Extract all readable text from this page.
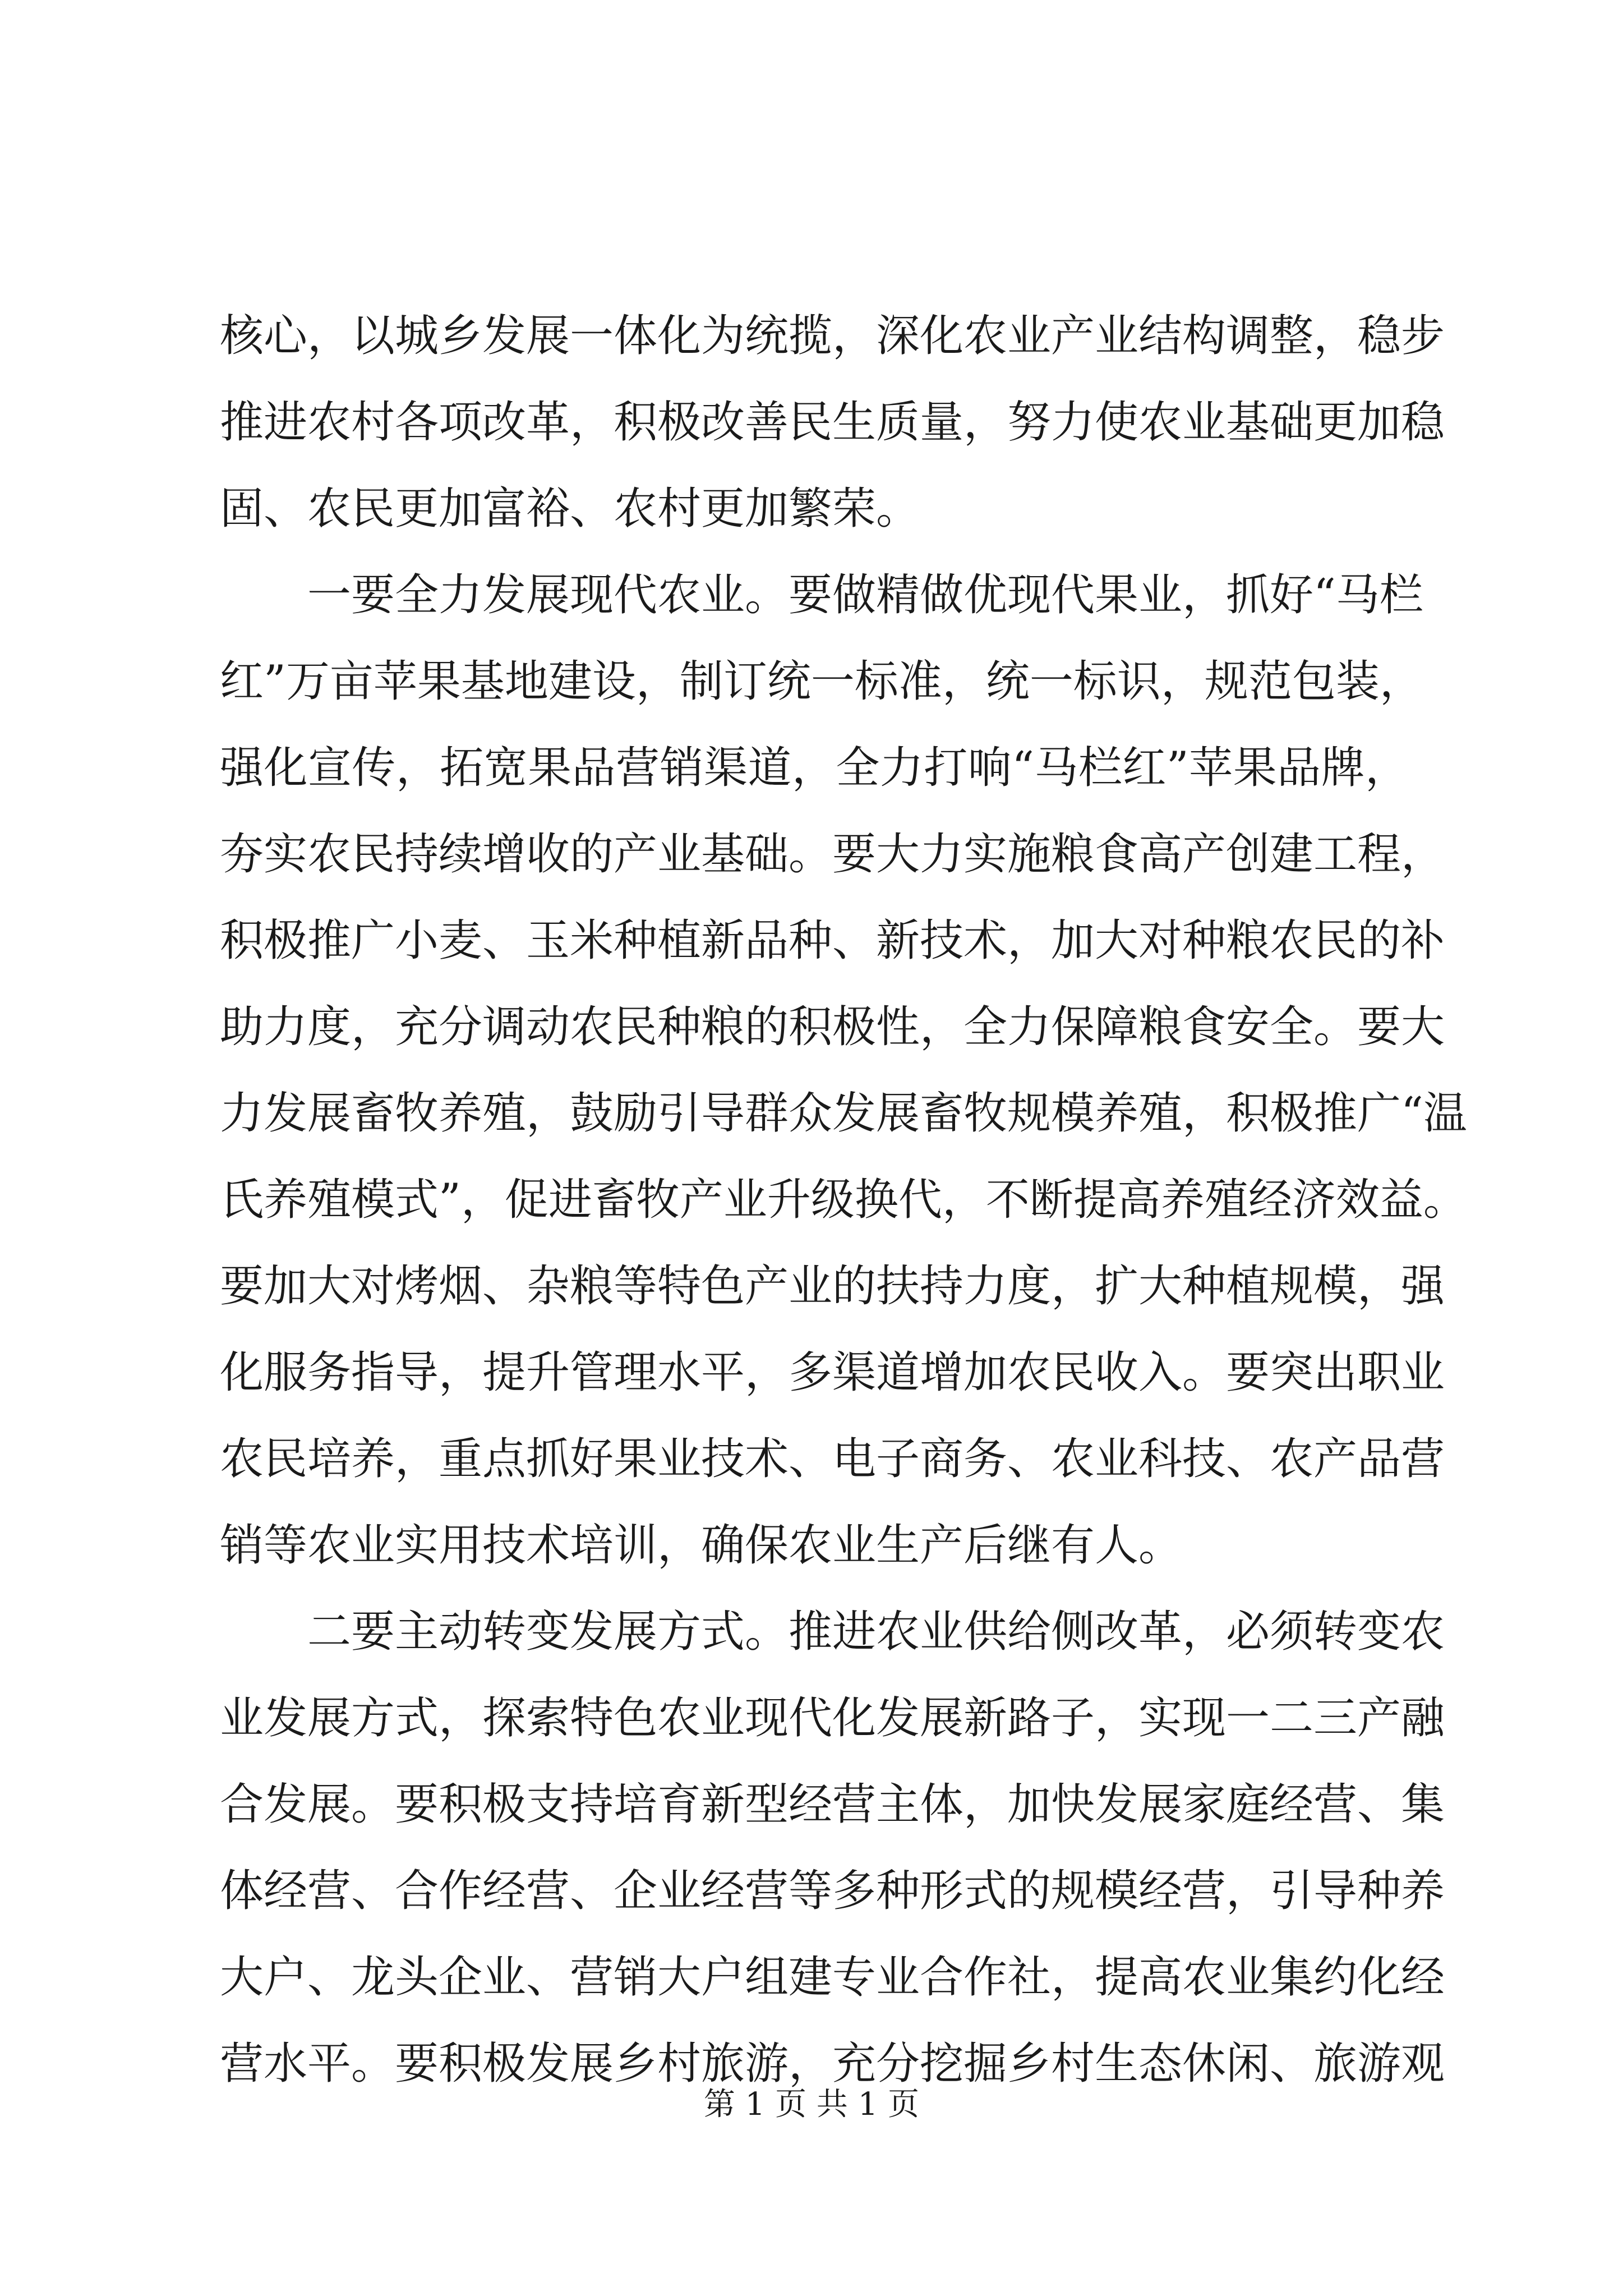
核心，以城乡发展一体化为统揽，深化农业产业结构调整，稳步
推进农村各项改革，积极改善民生质量，努力使农业基础更加稳
固、农民更加富裕、农村更加繁荣。
一要全力发展现代农业。要做精做优现代果业，抓好“马栏
红”万亩苹果基地建设，制订统一标准，统一标识，规范包装，
强化宣传，拓宽果品营销渠道，全力打响“马栏红”苹果品牌，
夯实农民持续增收的产业基础。要大力实施粮食高产创建工程，
积极推广小麦、玉米种植新品种、新技术，加大对种粮农民的补
助力度，充分调动农民种粮的积极性，全力保障粮食安全。要大
力发展畜牧养殖，鼓励引导群众发展畜牧规模养殖，积极推广“温
氏养殖模式”，促进畜牧产业升级换代，不断提高养殖经济效益。
要加大对烤烟、杂粮等特色产业的扶持力度，扩大种植规模，强
化服务指导，提升管理水平，多渠道增加农民收入。要突出职业
农民培养，重点抓好果业技术、电子商务、农业科技、农产品营
销等农业实用技术培训，确保农业生产后继有人。
二要主动转变发展方式。推进农业供给侧改革，必须转变农
业发展方式，探索特色农业现代化发展新路子，实现一二三产融
合发展。要积极支持培育新型经营主体，加快发展家庭经营、集
体经营、合作经营、企业经营等多种形式的规模经营，引导种养
大户、龙头企业、营销大户组建专业合作社，提高农业集约化经
营水平。要积极发展乡村旅游，充分挖掘乡村生态休闲、旅游观
第 1 页 共 1 页
